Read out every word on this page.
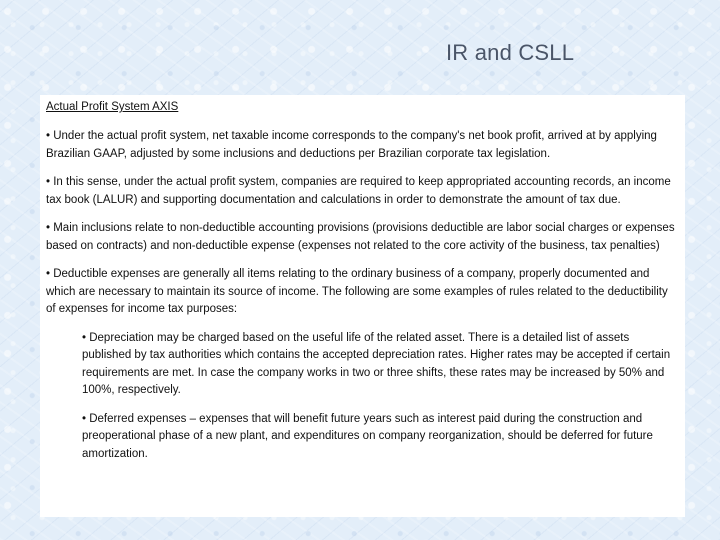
IR and CSLL
Actual Profit System AXIS

• Under the actual profit system, net taxable income corresponds to the company's net book profit, arrived at by applying Brazilian GAAP, adjusted by some inclusions and deductions per Brazilian corporate tax legislation.

• In this sense, under the actual profit system, companies are required to keep appropriated accounting records, an income tax book (LALUR) and supporting documentation and calculations in order to demonstrate the amount of tax due.

• Main inclusions relate to non-deductible accounting provisions (provisions deductible are labor social charges or expenses based on contracts) and non-deductible expense (expenses not related to the core activity of the business, tax penalties)

• Deductible expenses are generally all items relating to the ordinary business of a company, properly documented and which are necessary to maintain its source of income. The following are some examples of rules related to the deductibility of expenses for income tax purposes:

• Depreciation may be charged based on the useful life of the related asset. There is a detailed list of assets published by tax authorities which contains the accepted depreciation rates. Higher rates may be accepted if certain requirements are met. In case the company works in two or three shifts, these rates may be increased by 50% and 100%, respectively.

• Deferred expenses – expenses that will benefit future years such as interest paid during the construction and preoperational phase of a new plant, and expenditures on company reorganization, should be deferred for future amortization.
